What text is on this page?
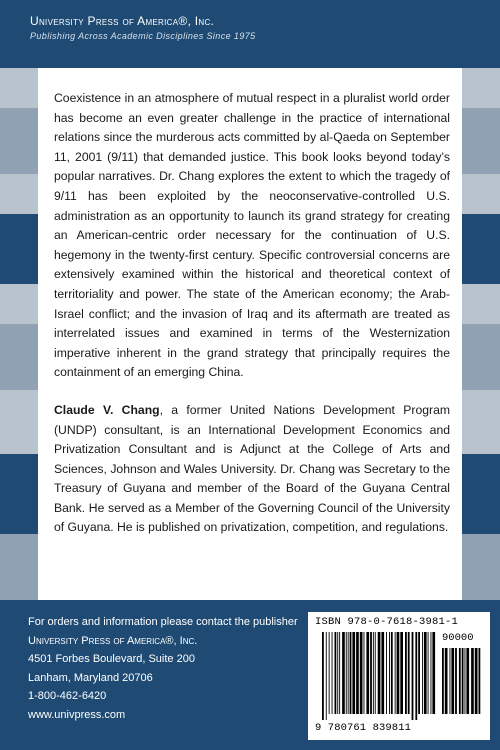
University Press of America®, Inc.
Publishing Across Academic Disciplines Since 1975

Coexistence in an atmosphere of mutual respect in a pluralist world order has become an even greater challenge in the practice of international relations since the murderous acts committed by al-Qaeda on September 11, 2001 (9/11) that demanded justice. This book looks beyond today’s popular narratives. Dr. Chang explores the extent to which the tragedy of 9/11 has been exploited by the neoconservative-controlled U.S. administration as an opportunity to launch its grand strategy for creating an American-centric order necessary for the continuation of U.S. hegemony in the twenty-first century. Specific controversial concerns are extensively examined within the historical and theoretical context of territoriality and power. The state of the American economy; the Arab-Israel conflict; and the invasion of Iraq and its aftermath are treated as interrelated issues and examined in terms of the Westernization imperative inherent in the grand strategy that principally requires the containment of an emerging China.

Claude V. Chang, a former United Nations Development Program (UNDP) consultant, is an International Development Economics and Privatization Consultant and is Adjunct at the College of Arts and Sciences, Johnson and Wales University. Dr. Chang was Secretary to the Treasury of Guyana and member of the Board of the Guyana Central Bank. He served as a Member of the Governing Council of the University of Guyana. He is published on privatization, competition, and regulations.

For orders and information please contact the publisher
University Press of America®, Inc.
4501 Forbes Boulevard, Suite 200
Lanham, Maryland 20706
1-800-462-6420
www.univpress.com
ISBN 978-0-7618-3981-1
90000
9 780761 839811
